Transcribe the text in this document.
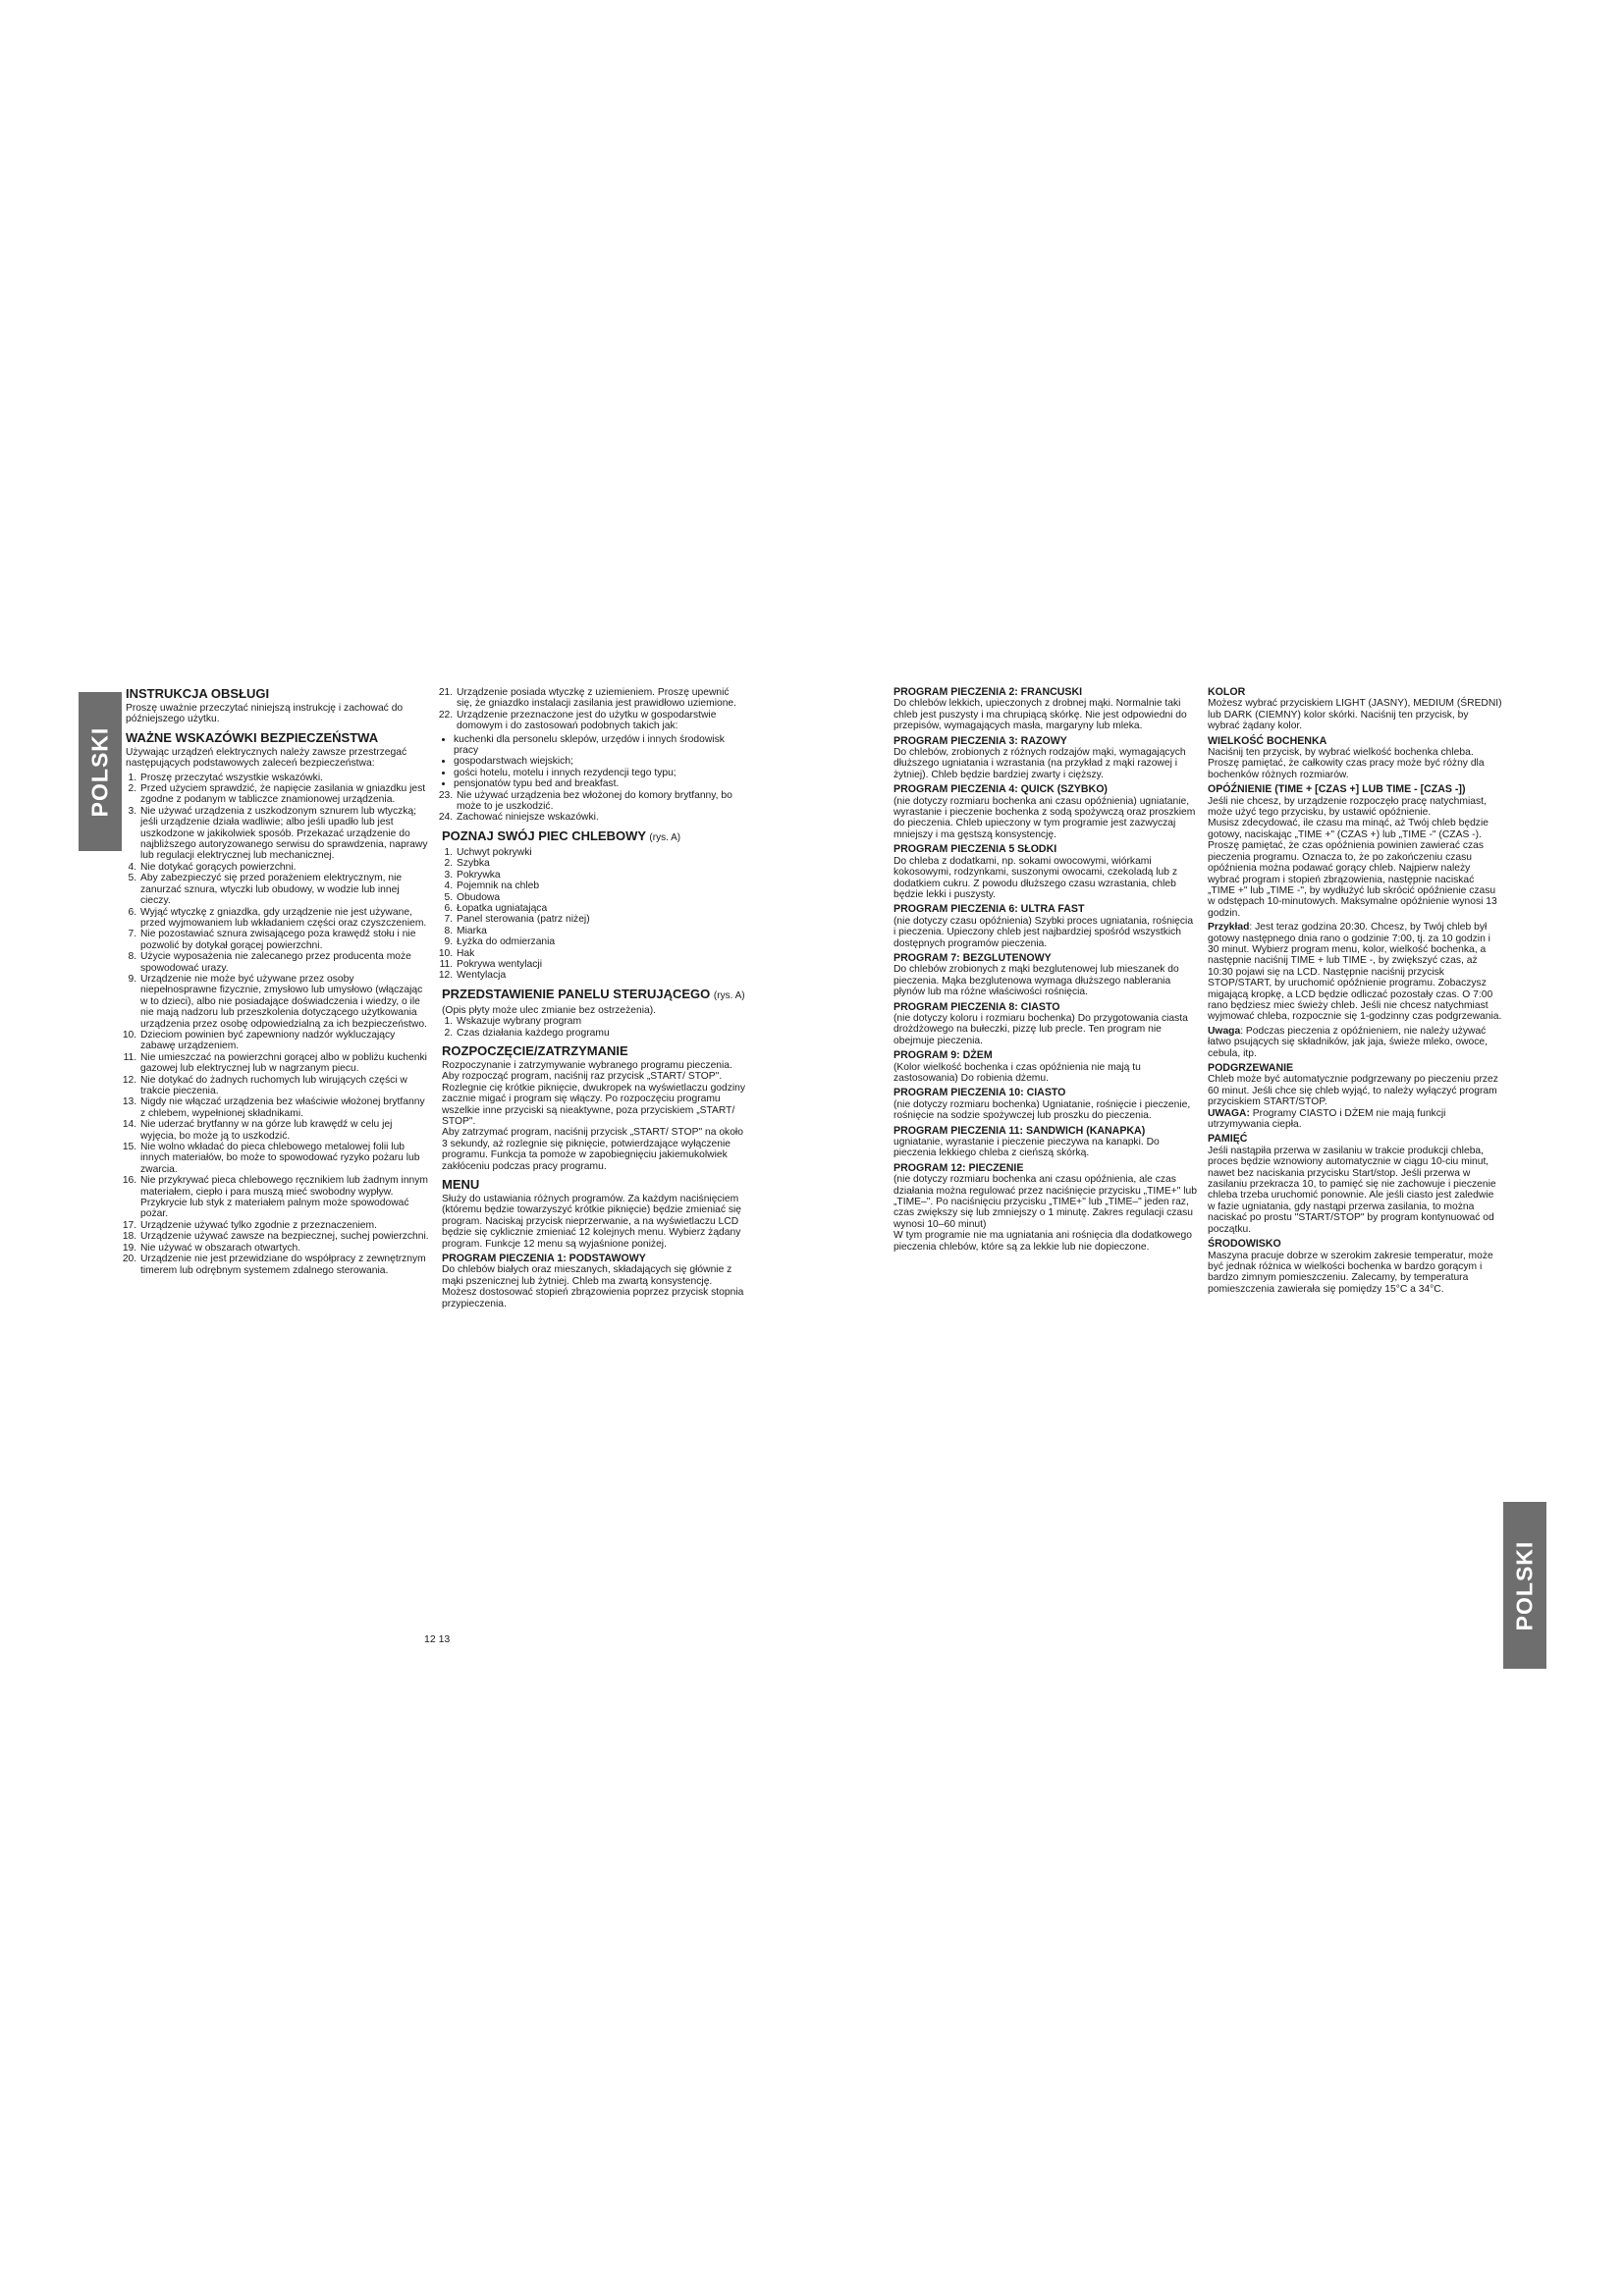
POLSKI
POLSKI
INSTRUKCJA OBSŁUGI

Proszę uważnie przeczytać niniejszą instrukcję i zachować do późniejszego użytku.

WAŻNE WSKAZÓWKI BEZPIECZEŃSTWA

Używając urządzeń elektrycznych należy zawsze przestrzegać następujących podstawowych zaleceń bezpieczeństwa:

1. Proszę przeczytać wszystkie wskazówki.
2. Przed użyciem sprawdzić, że napięcie zasilania w gniazdku jest zgodne z podanym w tabliczce znamionowej urządzenia.
3. Nie używać urządzenia z uszkodzonym sznurem lub wtyczką; jeśli urządzenie działa wadliwie; albo jeśli upadło lub jest uszkodzone w jakikolwiek sposób. Przekazać urządzenie do najbliższego autoryzowanego serwisu do sprawdzenia, naprawy lub regulacji elektrycznej lub mechanicznej.
4. Nie dotykać gorących powierzchni.
5. Aby zabezpieczyć się przed porażeniem elektrycznym, nie zanurzać sznura, wtyczki lub obudowy, w wodzie lub innej cieczy.
6. Wyjąć wtyczkę z gniazdka, gdy urządzenie nie jest używane, przed wyjmowaniem lub wkładaniem części oraz czyszczeniem.
7. Nie pozostawiać sznura zwisającego poza krawędź stołu i nie pozwolić by dotykał gorącej powierzchni.
8. Użycie wyposażenia nie zalecanego przez producenta może spowodować urazy.
9. Urządzenie nie może być używane przez osoby niepełnosprawne fizycznie, zmysłowo lub umysłowo (włączając w to dzieci), albo nie posiadające doświadczenia i wiedzy, o ile nie mają nadzoru lub przeszkolenia dotyczącego użytkowania urządzenia przez osobę odpowiedzialną za ich bezpieczeństwo.
10. Dzieciom powinien być zapewniony nadzór wykluczający zabawę urządzeniem.
11. Nie umieszczać na powierzchni gorącej albo w pobliżu kuchenki gazowej lub elektrycznej lub w nagrzanym piecu.
12. Nie dotykać do żadnych ruchomych lub wirujących części w trakcie pieczenia.
13. Nigdy nie włączać urządzenia bez właściwie włożonej brytfanny z chlebem, wypełnionej składnikami.
14. Nie uderzać brytfanny w na górze lub krawędź w celu jej wyjęcia, bo może ją to uszkodzić.
15. Nie wolno wkładać do pieca chlebowego metalowej folii lub innych materiałów, bo może to spowodować ryzyko pożaru lub zwarcia.
16. Nie przykrywać pieca chlebowego ręcznikiem lub żadnym innym materiałem, ciepło i para muszą mieć swobodny wypływ. Przykrycie lub styk z materiałem palnym może spowodować pożar.
17. Urządzenie używać tylko zgodnie z przeznaczeniem.
18. Urządzenie używać zawsze na bezpiecznej, suchej powierzchni.
19. Nie używać w obszarach otwartych.
20. Urządzenie nie jest przewidziane do współpracy z zewnętrznym timerem lub odrębnym systemem zdalnego sterowania.
21. Urządzenie posiada wtyczkę z uziemieniem. Proszę upewnić się, że gniazdko instalacji zasilania jest prawidłowo uziemione.
22. Urządzenie przeznaczone jest do użytku w gospodarstwie domowym i do zastosowań podobnych takich jak:
• kuchenki dla personelu sklepów, urzędów i innych środowisk pracy
• gospodarstwach wiejskich;
• gości hotelu, motelu i innych rezydencji tego typu;
• pensjonatów typu bed and breakfast.
23. Nie używać urządzenia bez włożonej do komory brytfanny, bo może to je uszkodzić.
24. Zachować niniejsze wskazówki.
POZNAJ SWÓJ PIEC CHLEBOWY (rys. A)
1. Uchwyt pokrywki
2. Szybka
3. Pokrywka
4. Pojemnik na chleb
5. Obudowa
6. Łopatka ugniatająca
7. Panel sterowania (patrz niżej)
8. Miarka
9. Łyżka do odmierzania
10. Hak
11. Pokrywa wentylacji
12. Wentylacja
PRZEDSTAWIENIE PANELU STERUJĄCEGO (rys. A)

(Opis płyty może ulec zmianie bez ostrzeżenia).

1. Wskazuje wybrany program
2. Czas działania każdego programu
ROZPOCZĘCIE/ZATRZYMANIE

Rozpoczynanie i zatrzymywanie wybranego programu pieczenia.

Aby rozpocząć program, naciśnij raz przycisk „START/ STOP". Rozlegnie cię krótkie piknięcie, dwukropek na wyświetlaczu godziny zacznie migać i program się włączy. Po rozpoczęciu programu wszelkie inne przyciski są nieaktywne, poza przyciskiem „START/ STOP".

Aby zatrzymać program, naciśnij przycisk „START/ STOP" na około 3 sekundy, aż rozlegnie się piknięcie, potwierdzające wyłączenie programu. Funkcja ta pomoże w zapobiegnięciu jakiemukolwiek zakłóceniu podczas pracy programu.

MENU

Służy do ustawiania różnych programów. Za każdym naciśnięciem (któremu będzie towarzyszyć krótkie piknięcie) będzie zmieniać się program. Naciskaj przycisk nieprzerwanie, a na wyświetlaczu LCD będzie się cyklicznie zmieniać 12 kolejnych menu. Wybierz żądany program. Funkcje 12 menu są wyjaśnione poniżej.

PROGRAM PIECZENIA 1: PODSTAWOWY

Do chlebów białych oraz mieszanych, składających się głównie z mąki pszenicznej lub żytniej. Chleb ma zwartą konsystencję. Możesz dostosować stopień zbrązowienia poprzez przycisk stopnia przypieczenia.

PROGRAM PIECZENIA 2: FRANCUSKI

Do chlebów lekkich, upieczonych z drobnej mąki. Normalnie taki chleb jest puszysty i ma chrupiącą skórkę. Nie jest odpowiedni do przepisów, wymagających masła, margaryny lub mleka.

PROGRAM PIECZENIA 3: RAZOWY

Do chlebów, zrobionych z różnych rodzajów mąki, wymagających dłuższego ugniatania i wzrastania (na przykład z mąki razowej i żytniej). Chleb będzie bardziej zwarty i cięższy.

PROGRAM PIECZENIA 4: QUICK (SZYBKO)

(nie dotyczy rozmiaru bochenka ani czasu opóźnienia) ugniatanie, wyrastanie i pieczenie bochenka z sodą spożywczą oraz proszkiem do pieczenia. Chleb upieczony w tym programie jest zazwyczaj mniejszy i ma gęstszą konsystencję.

PROGRAM PIECZENIA 5 SŁODKI

Do chleba z dodatkami, np. sokami owocowymi, wiórkami kokosowymi, rodzynkami, suszonymi owocami, czekoladą lub z dodatkiem cukru. Z powodu dłuższego czasu wzrastania, chleb będzie lekki i puszysty.

PROGRAM PIECZENIA 6: ULTRA FAST

(nie dotyczy czasu opóźnienia) Szybki proces ugniatania, rośnięcia i pieczenia. Upieczony chleb jest najbardziej spośród wszystkich dostępnych programów pieczenia.

PROGRAM 7: BEZGLUTENOWY

Do chlebów zrobionych z mąki bezglutenowej lub mieszanek do pieczenia. Mąka bezglutenowa wymaga dłuższego nablerania płynów lub ma różne właściwości rośnięcia.

PROGRAM PIECZENIA 8: CIASTO

(nie dotyczy koloru i rozmiaru bochenka) Do przygotowania ciasta drożdżowego na bułeczki, pizzę lub precle. Ten program nie obejmuje pieczenia.

PROGRAM 9: DŻEM

(Kolor wielkość bochenka i czas opóźnienia nie mają tu zastosowania) Do robienia dżemu.

PROGRAM PIECZENIA 10: CIASTO

(nie dotyczy rozmiaru bochenka) Ugniatanie, rośnięcie i pieczenie, rośnięcie na sodzie spożywczej lub proszku do pieczenia.

PROGRAM PIECZENIA 11: SANDWICH (KANAPKA)

ugniatanie, wyrastanie i pieczenie pieczywa na kanapki. Do pieczenia lekkiego chleba z cieńszą skórką.

PROGRAM 12: PIECZENIE

(nie dotyczy rozmiaru bochenka ani czasu opóźnienia, ale czas działania można regulować przez naciśnięcie przycisku „TIME+" lub „TIME–". Po naciśnięciu przycisku „TIME+" lub „TIME–" jeden raz, czas zwiększy się lub zmniejszy o 1 minutę. Zakres regulacji czasu wynosi 10–60 minut)

W tym programie nie ma ugniatania ani rośnięcia dla dodatkowego pieczenia chlebów, które są za lekkie lub nie dopieczone.

KOLOR

Możesz wybrać przyciskiem LIGHT (JASNY), MEDIUM (ŚREDNI) lub DARK (CIEMNY) kolor skórki. Naciśnij ten przycisk, by wybrać żądany kolor.

WIELKOŚĆ BOCHENKA

Naciśnij ten przycisk, by wybrać wielkość bochenka chleba. Proszę pamiętać, że całkowity czas pracy może być różny dla bochenków różnych rozmiarów.

OPÓŹNIENIE (TIME + [CZAS +] LUB TIME - [CZAS -])

Jeśli nie chcesz, by urządzenie rozpoczęło pracę natychmiast, może użyć tego przycisku, by ustawić opóźnienie.

Musisz zdecydować, ile czasu ma minąć, aż Twój chleb będzie gotowy, naciskając „TIME +" (CZAS +) lub „TIME -" (CZAS -). Proszę pamiętać, że czas opóźnienia powinien zawierać czas pieczenia programu. Oznacza to, że po zakończeniu czasu opóźnienia można podawać gorący chleb. Najpierw należy wybrać program i stopień zbrązowienia, następnie naciskać „TIME +" lub „TIME -", by wydłużyć lub skrócić opóźnienie czasu w odstępach 10-minutowych. Maksymalne opóźnienie wynosi 13 godzin.

Przykład: Jest teraz godzina 20:30. Chcesz, by Twój chleb był gotowy następnego dnia rano o godzinie 7:00, tj. za 10 godzin i 30 minut. Wybierz program menu, kolor, wielkość bochenka, a następnie naciśnij TIME + lub TIME -, by zwiększyć czas, aż 10:30 pojawi się na LCD. Następnie naciśnij przycisk STOP/START, by uruchomić opóźnienie programu. Zobaczysz migającą kropkę, a LCD będzie odliczać pozostały czas. O 7:00 rano będziesz miec świeży chleb. Jeśli nie chcesz natychmiast wyjmować chleba, rozpocznie się 1-godzinny czas podgrzewania.

Uwaga: Podczas pieczenia z opóźnieniem, nie należy używać łatwo psujących się składników, jak jaja, świeże mleko, owoce, cebula, itp.

PODGRZEWANIE

Chleb może być automatycznie podgrzewany po pieczeniu przez 60 minut. Jeśli chce się chleb wyjąć, to należy wyłączyć program przyciskiem START/STOP.

UWAGA: Programy CIASTO i DŻEM nie mają funkcji utrzymywania ciepła.

PAMIĘĆ

Jeśli nastąpiła przerwa w zasilaniu w trakcie produkcji chleba, proces będzie wznowiony automatycznie w ciągu 10-ciu minut, nawet bez naciskania przycisku Start/stop. Jeśli przerwa w zasilaniu przekracza 10, to pamięć się nie zachowuje i pieczenie chleba trzeba uruchomić ponownie. Ale jeśli ciasto jest zaledwie w fazie ugniatania, gdy nastąpi przerwa zasilania, to można naciskać po prostu "START/STOP" by program kontynuować od początku.

ŚRODOWISKO

Maszyna pracuje dobrze w szerokim zakresie temperatur, może być jednak różnica w wielkości bochenka w bardzo gorącym i bardzo zimnym pomieszczeniu. Zalecamy, by temperatura pomieszczenia zawierała się pomiędzy 15°C a 34°C.

12 13
